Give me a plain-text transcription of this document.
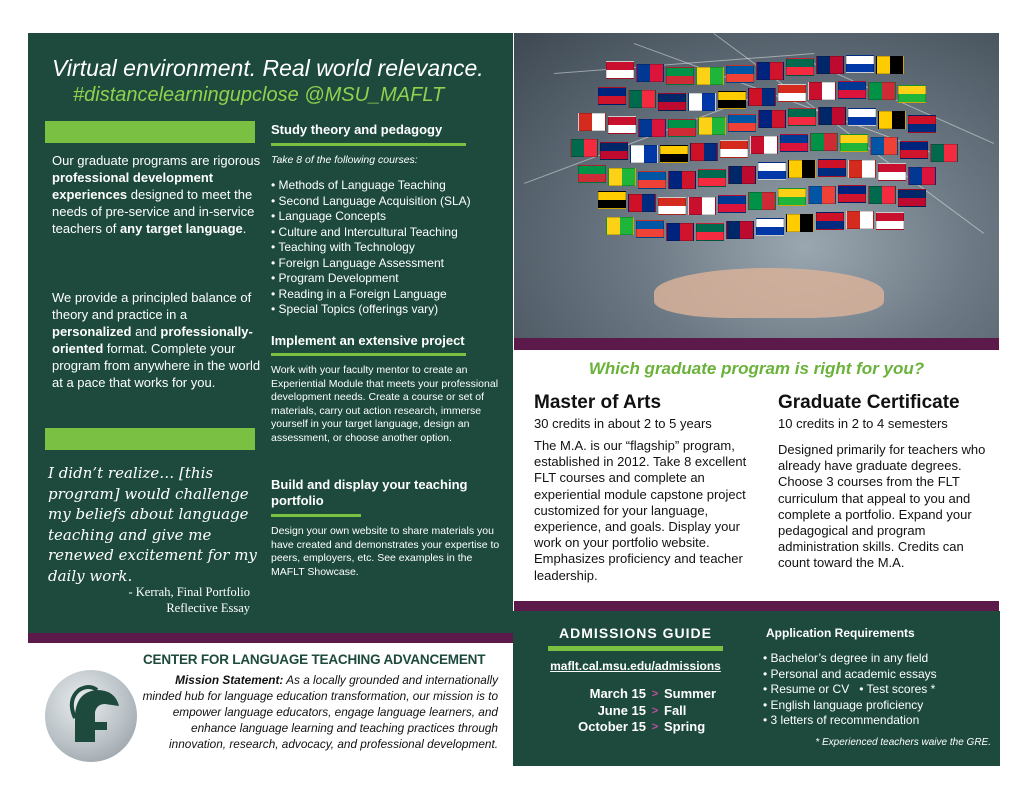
Virtual environment. Real world relevance.
#distancelearningupclose @MSU_MAFLT
Our graduate programs are rigorous professional development experiences designed to meet the needs of pre-service and in-service teachers of any target language.
We provide a principled balance of theory and practice in a personalized and professionally-oriented format. Complete your program from anywhere in the world at a pace that works for you.
I didn’t realize… [this program] would challenge my beliefs about language teaching and give me renewed excitement for my daily work.
- Kerrah, Final Portfolio
Reflective Essay
Study theory and pedagogy
Take 8 of the following courses:
• Methods of Language Teaching
• Second Language Acquisition (SLA)
• Language Concepts
• Culture and Intercultural Teaching
• Teaching with Technology
• Foreign Language Assessment
• Program Development
• Reading in a Foreign Language
• Special Topics (offerings vary)
Implement an extensive project
Work with your faculty mentor to create an Experiential Module that meets your professional development needs. Create a course or set of materials, carry out action research, immerse yourself in your target language, design an assessment, or choose another option.
Build and display your teaching portfolio
Design your own website to share materials you have created and demonstrates your expertise to peers, employers, etc. See examples in the MAFLT Showcase.
Which graduate program is right for you?
Master of Arts
30 credits in about 2 to 5 years
The M.A. is our “flagship” program, established in 2012. Take 8 excellent FLT courses and complete an experiential module capstone project customized for your language, experience, and goals. Display your work on your portfolio website. Emphasizes proficiency and teacher leadership.
Graduate Certificate
10 credits in 2 to 4 semesters
Designed primarily for teachers who already have graduate degrees. Choose 3 courses from the FLT curriculum that appeal to you and complete a portfolio. Expand your pedagogical and program administration skills. Credits can count toward the M.A.
ADMISSIONS GUIDE
maflt.cal.msu.edu/admissions
March 15 > Summer
June 15 > Fall
October 15 > Spring
Application Requirements
• Bachelor’s degree in any field
• Personal and academic essays
• Resume or CV • Test scores *
• English language proficiency
• 3 letters of recommendation
* Experienced teachers waive the GRE.
CENTER FOR LANGUAGE TEACHING ADVANCEMENT
Mission Statement: As a locally grounded and internationally minded hub for language education transformation, our mission is to empower language educators, engage language learners, and enhance language learning and teaching practices through innovation, research, advocacy, and professional development.
